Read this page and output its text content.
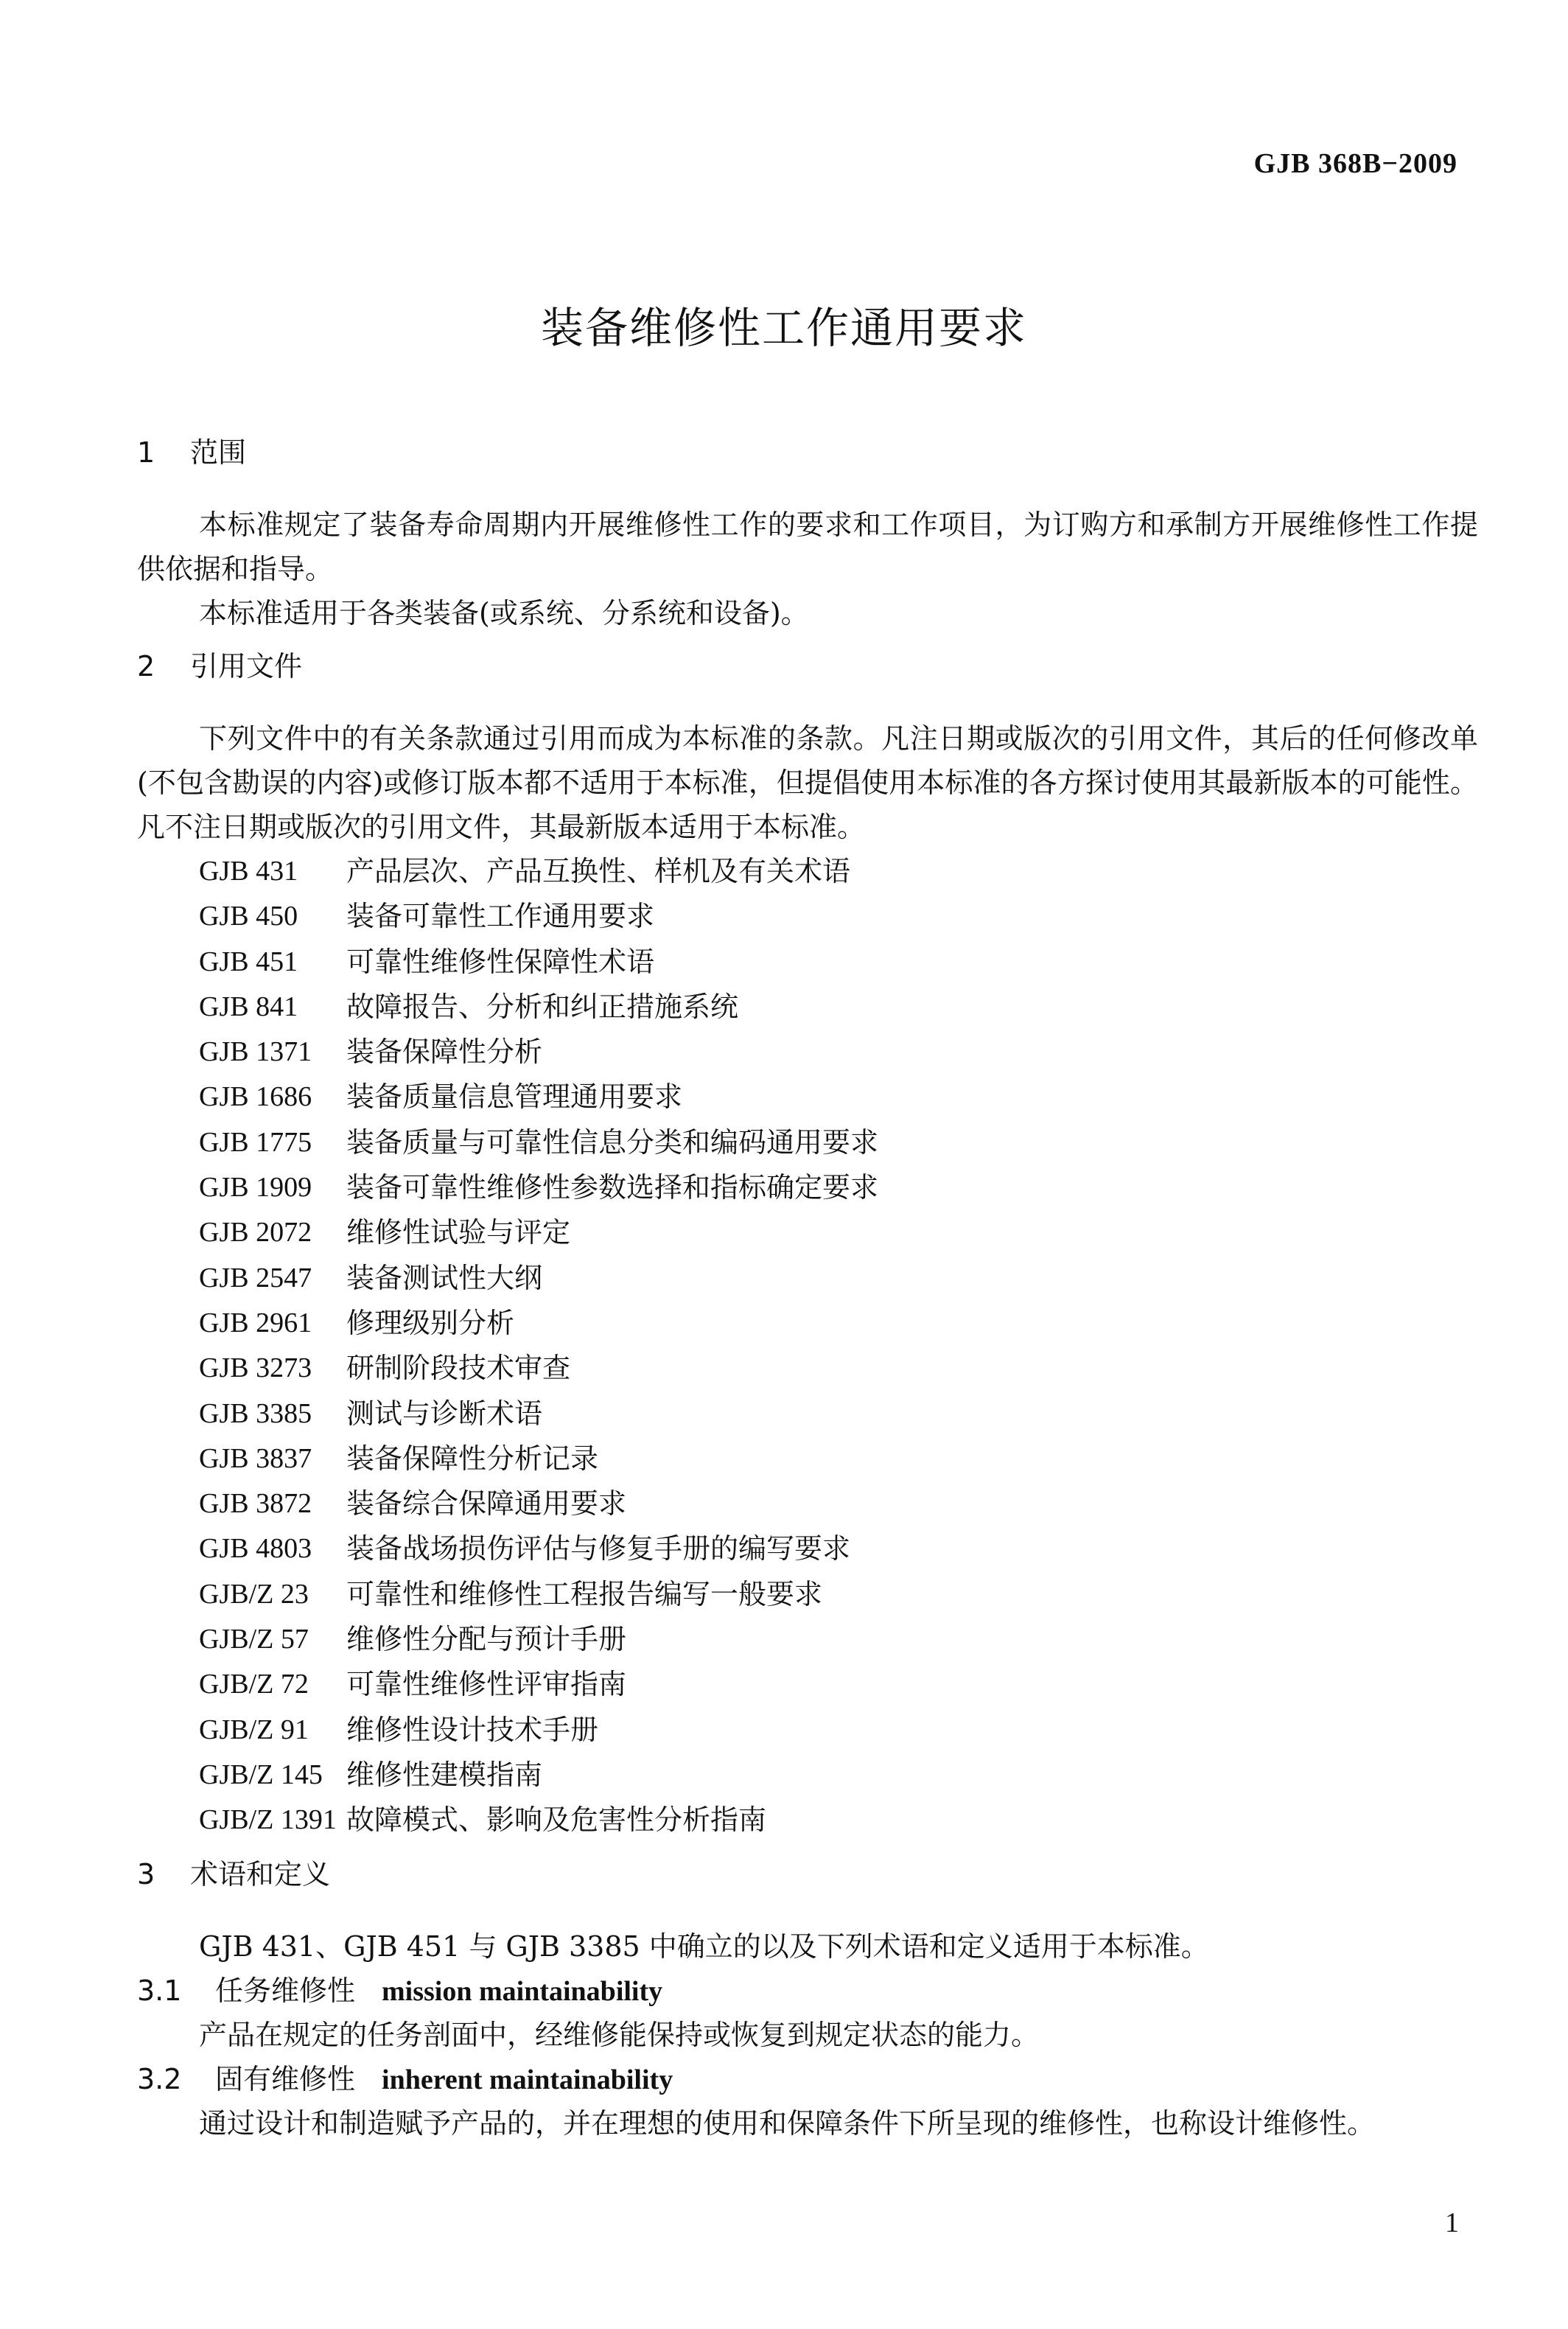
GJB 368B−2009
装备维修性工作通用要求
1	范围

本标准规定了装备寿命周期内开展维修性工作的要求和工作项目，为订购方和承制方开展维修性工作提供依据和指导。

本标准适用于各类装备(或系统、分系统和设备)。

2	引用文件

下列文件中的有关条款通过引用而成为本标准的条款。凡注日期或版次的引用文件，其后的任何修改单(不包含勘误的内容)或修订版本都不适用于本标准，但提倡使用本标准的各方探讨使用其最新版本的可能性。凡不注日期或版次的引用文件，其最新版本适用于本标准。

GJB 431	产品层次、产品互换性、样机及有关术语
GJB 450	装备可靠性工作通用要求
GJB 451	可靠性维修性保障性术语
GJB 841	故障报告、分析和纠正措施系统
GJB 1371	装备保障性分析
GJB 1686	装备质量信息管理通用要求
GJB 1775	装备质量与可靠性信息分类和编码通用要求
GJB 1909	装备可靠性维修性参数选择和指标确定要求
GJB 2072	维修性试验与评定
GJB 2547	装备测试性大纲
GJB 2961	修理级别分析
GJB 3273	研制阶段技术审查
GJB 3385	测试与诊断术语
GJB 3837	装备保障性分析记录
GJB 3872	装备综合保障通用要求
GJB 4803	装备战场损伤评估与修复手册的编写要求
GJB/Z 23	可靠性和维修性工程报告编写一般要求
GJB/Z 57	维修性分配与预计手册
GJB/Z 72	可靠性维修性评审指南
GJB/Z 91	维修性设计技术手册
GJB/Z 145 维修性建模指南
GJB/Z 1391 故障模式、影响及危害性分析指南
3	术语和定义

GJB 431、GJB 451 与 GJB 3385 中确立的以及下列术语和定义适用于本标准。

3.1	任务维修性 mission maintainability

产品在规定的任务剖面中，经维修能保持或恢复到规定状态的能力。

3.2	固有维修性 inherent maintainability

通过设计和制造赋予产品的，并在理想的使用和保障条件下所呈现的维修性，也称设计维修性。

1
